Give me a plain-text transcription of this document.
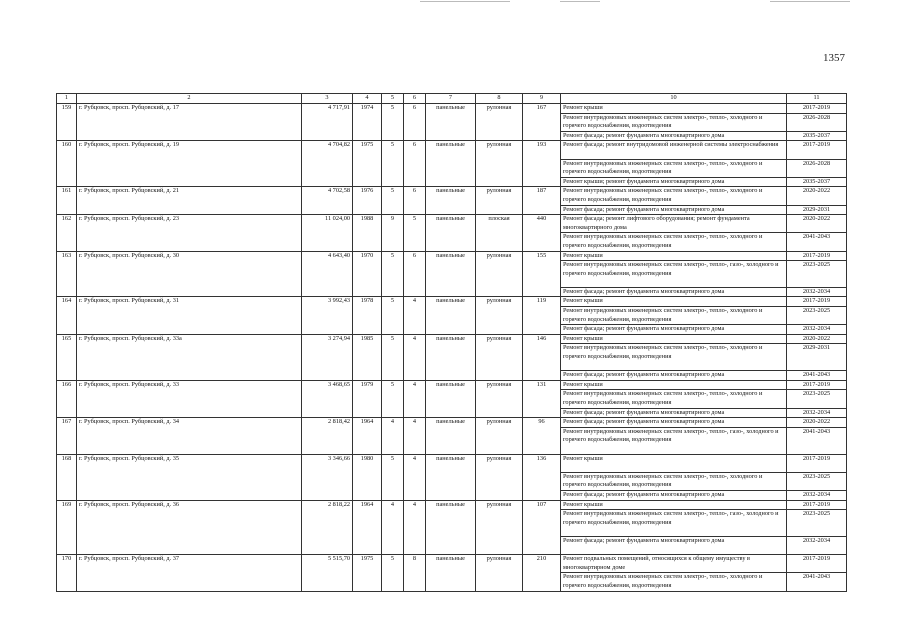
1357
1	2	3	4	5	6	7	8	9	10	11
159	г. Рубцовск, просп. Рубцовский, д. 17	4 717,91	1974	5	6	панельные	рулонная	167	Ремонт крыши	2017-2019
									Ремонт внутридомовых инженерных систем электро-, тепло-, холодного и горячего водоснабжения, водоотведения	2026-2028
									Ремонт фасада; ремонт фундамента многоквартирного дома	2035-2037
160	г. Рубцовск, просп. Рубцовский, д. 19	4 704,82	1975	5	6	панельные	рулонная	193	Ремонт фасада; ремонт внутридомовой инженерной системы электроснабжения	2017-2019
									Ремонт внутридомовых инженерных систем электро-, тепло-, холодного и горячего водоснабжения, водоотведения	2026-2028
									Ремонт крыши; ремонт фундамента многоквартирного дома	2035-2037
161	г. Рубцовск, просп. Рубцовский, д. 21	4 702,58	1976	5	6	панельные	рулонная	187	Ремонт внутридомовых инженерных систем электро-, тепло-, холодного и горячего водоснабжения, водоотведения	2020-2022
									Ремонт фасада; ремонт фундамента многоквартирного дома	2029-2031
162	г. Рубцовск, просп. Рубцовский, д. 23	11 024,00	1988	9	5	панельные	плоская	440	Ремонт фасада; ремонт лифтового оборудования; ремонт фундамента многоквартирного дома	2020-2022
									Ремонт внутридомовых инженерных систем электро-, тепло-, холодного и горячего водоснабжения, водоотведения	2041-2043
163	г. Рубцовск, просп. Рубцовский, д. 30	4 643,40	1970	5	6	панельные	рулонная	155	Ремонт крыши	2017-2019
									Ремонт внутридомовых инженерных систем электро-, тепло-, газо-, холодного и горячего водоснабжения, водоотведения	2023-2025
									Ремонт фасада; ремонт фундамента многоквартирного дома	2032-2034
164	г. Рубцовск, просп. Рубцовский, д. 31	3 992,43	1978	5	4	панельные	рулонная	119	Ремонт крыши	2017-2019
									Ремонт внутридомовых инженерных систем электро-, тепло-, холодного и горячего водоснабжения, водоотведения	2023-2025
									Ремонт фасада; ремонт фундамента многоквартирного дома	2032-2034
165	г. Рубцовск, просп. Рубцовский, д. 33а	3 274,94	1985	5	4	панельные	рулонная	146	Ремонт крыши	2020-2022
									Ремонт внутридомовых инженерных систем электро-, тепло-, холодного и горячего водоснабжения, водоотведения	2029-2031
									Ремонт фасада; ремонт фундамента многоквартирного дома	2041-2043
166	г. Рубцовск, просп. Рубцовский, д. 33	3 468,65	1979	5	4	панельные	рулонная	131	Ремонт крыши	2017-2019
									Ремонт внутридомовых инженерных систем электро-, тепло-, холодного и горячего водоснабжения, водоотведения	2023-2025
									Ремонт фасада; ремонт фундамента многоквартирного дома	2032-2034
167	г. Рубцовск, просп. Рубцовский, д. 34	2 818,42	1964	4	4	панельные	рулонная	96	Ремонт фасада; ремонт фундамента многоквартирного дома	2020-2022
									Ремонт внутридомовых инженерных систем электро-, тепло-, газо-, холодного и горячего водоснабжения, водоотведения	2041-2043
168	г. Рубцовск, просп. Рубцовский, д. 35	3 346,66	1980	5	4	панельные	рулонная	136	Ремонт крыши	2017-2019
									Ремонт внутридомовых инженерных систем электро-, тепло-, холодного и горячего водоснабжения, водоотведения	2023-2025
									Ремонт фасада; ремонт фундамента многоквартирного дома	2032-2034
169	г. Рубцовск, просп. Рубцовский, д. 36	2 818,22	1964	4	4	панельные	рулонная	107	Ремонт крыши	2017-2019
									Ремонт внутридомовых инженерных систем электро-, тепло-, газо-, холодного и горячего водоснабжения, водоотведения	2023-2025
									Ремонт фасада; ремонт фундамента многоквартирного дома	2032-2034
170	г. Рубцовск, просп. Рубцовский, д. 37	5 515,70	1975	5	8	панельные	рулонная	210	Ремонт подвальных помещений, относящихся к общему имуществу в многоквартирном доме	2017-2019
									Ремонт внутридомовых инженерных систем электро-, тепло-, холодного и горячего водоснабжения, водоотведения	2041-2043
